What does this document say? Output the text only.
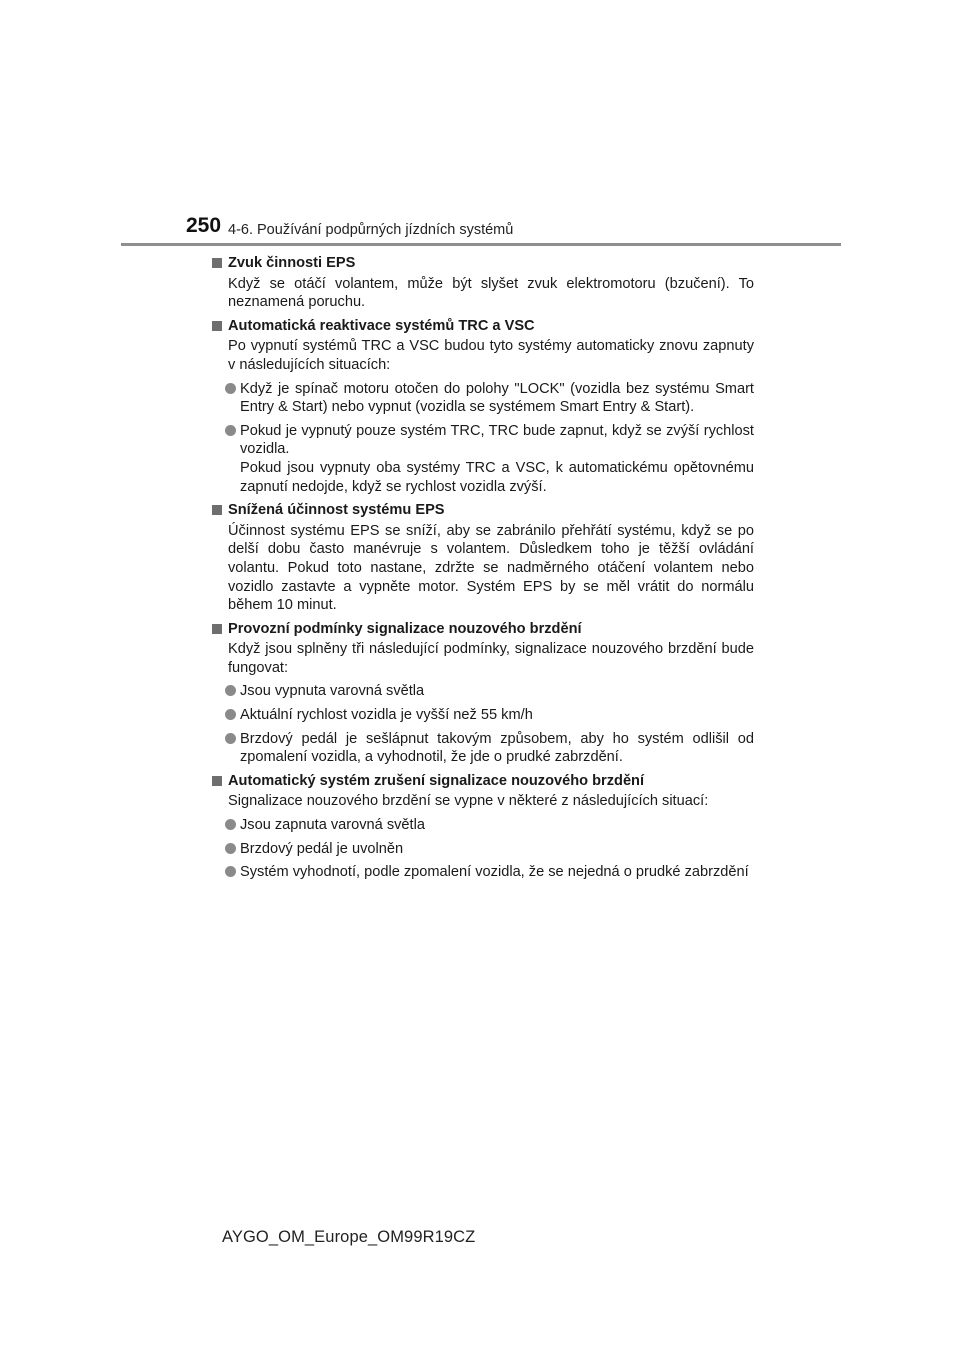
250 4-6. Používání podpůrných jízdních systémů
Zvuk činnosti EPS
Když se otáčí volantem, může být slyšet zvuk elektromotoru (bzučení). To neznamená poruchu.
Automatická reaktivace systémů TRC a VSC
Po vypnutí systémů TRC a VSC budou tyto systémy automaticky znovu zapnuty v následujících situacích:

Když je spínač motoru otočen do polohy "LOCK" (vozidla bez systému Smart Entry & Start) nebo vypnut (vozidla se systémem Smart Entry & Start).

Pokud je vypnutý pouze systém TRC, TRC bude zapnut, když se zvýší rychlost vozidla.

Pokud jsou vypnuty oba systémy TRC a VSC, k automatickému opětovnému zapnutí nedojde, když se rychlost vozidla zvýší.

Snížená účinnost systému EPS
Účinnost systému EPS se sníží, aby se zabránilo přehřátí systému, když se po delší dobu často manévruje s volantem. Důsledkem toho je těžší ovládání volantu. Pokud toto nastane, zdržte se nadměrného otáčení volantem nebo vozidlo zastavte a vypněte motor. Systém EPS by se měl vrátit do normálu během 10 minut.
Provozní podmínky signalizace nouzového brzdění
Když jsou splněny tři následující podmínky, signalizace nouzového brzdění bude fungovat:

Jsou vypnuta varovná světla

Aktuální rychlost vozidla je vyšší než 55 km/h

Brzdový pedál je sešlápnut takovým způsobem, aby ho systém odlišil od zpomalení vozidla, a vyhodnotil, že jde o prudké zabrzdění.

Automatický systém zrušení signalizace nouzového brzdění
Signalizace nouzového brzdění se vypne v některé z následujících situací:

Jsou zapnuta varovná světla

Brzdový pedál je uvolněn

Systém vyhodnotí, podle zpomalení vozidla, že se nejedná o prudké zabrzdění

AYGO_OM_Europe_OM99R19CZ
